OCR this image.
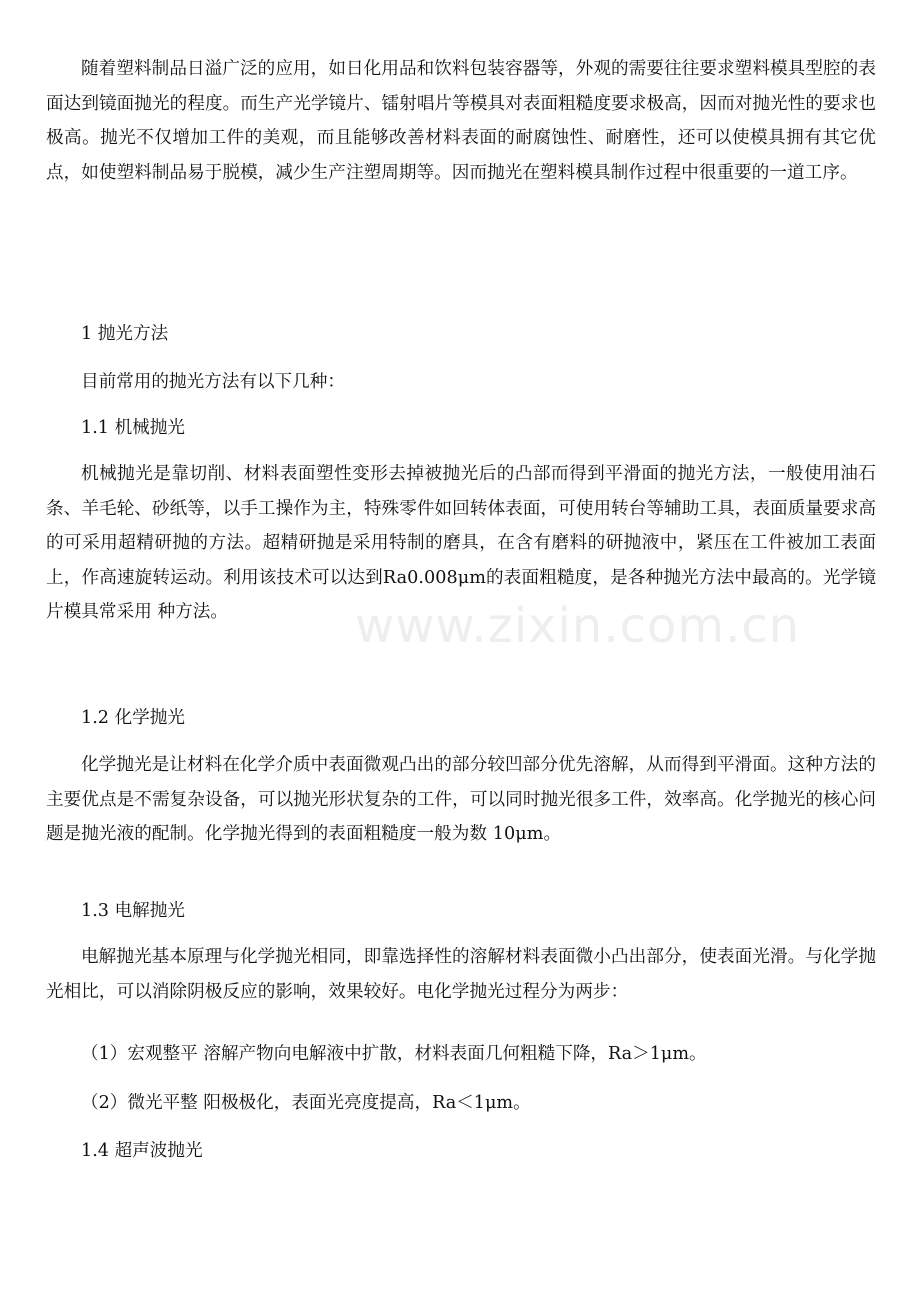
www.zixin.com.cn

随着塑料制品日溢广泛的应用，如日化用品和饮料包装容器等，外观的需要往往要求塑料模具型腔的表面达到镜面抛光的程度。而生产光学镜片、镭射唱片等模具对表面粗糙度要求极高，因而对抛光性的要求也极高。抛光不仅增加工件的美观，而且能够改善材料表面的耐腐蚀性、耐磨性，还可以使模具拥有其它优点，如使塑料制品易于脱模，减少生产注塑周期等。因而抛光在塑料模具制作过程中很重要的一道工序。

1 抛光方法

目前常用的抛光方法有以下几种：

1.1 机械抛光

机械抛光是靠切削、材料表面塑性变形去掉被抛光后的凸部而得到平滑面的抛光方法，一般使用油石条、羊毛轮、砂纸等，以手工操作为主，特殊零件如回转体表面，可使用转台等辅助工具，表面质量要求高的可采用超精研抛的方法。超精研抛是采用特制的磨具，在含有磨料的研抛液中，紧压在工件被加工表面上，作高速旋转运动。利用该技术可以达到Ra0.008μm的表面粗糙度，是各种抛光方法中最高的。光学镜片模具常采用 种方法。

1.2 化学抛光

化学抛光是让材料在化学介质中表面微观凸出的部分较凹部分优先溶解，从而得到平滑面。这种方法的主要优点是不需复杂设备，可以抛光形状复杂的工件，可以同时抛光很多工件，效率高。化学抛光的核心问题是抛光液的配制。化学抛光得到的表面粗糙度一般为数 10μm。

1.3 电解抛光

电解抛光基本原理与化学抛光相同，即靠选择性的溶解材料表面微小凸出部分，使表面光滑。与化学抛光相比，可以消除阴极反应的影响，效果较好。电化学抛光过程分为两步：

（1）宏观整平 溶解产物向电解液中扩散，材料表面几何粗糙下降，Ra＞1μm。

（2）微光平整 阳极极化，表面光亮度提高，Ra＜1μm。

1.4 超声波抛光
